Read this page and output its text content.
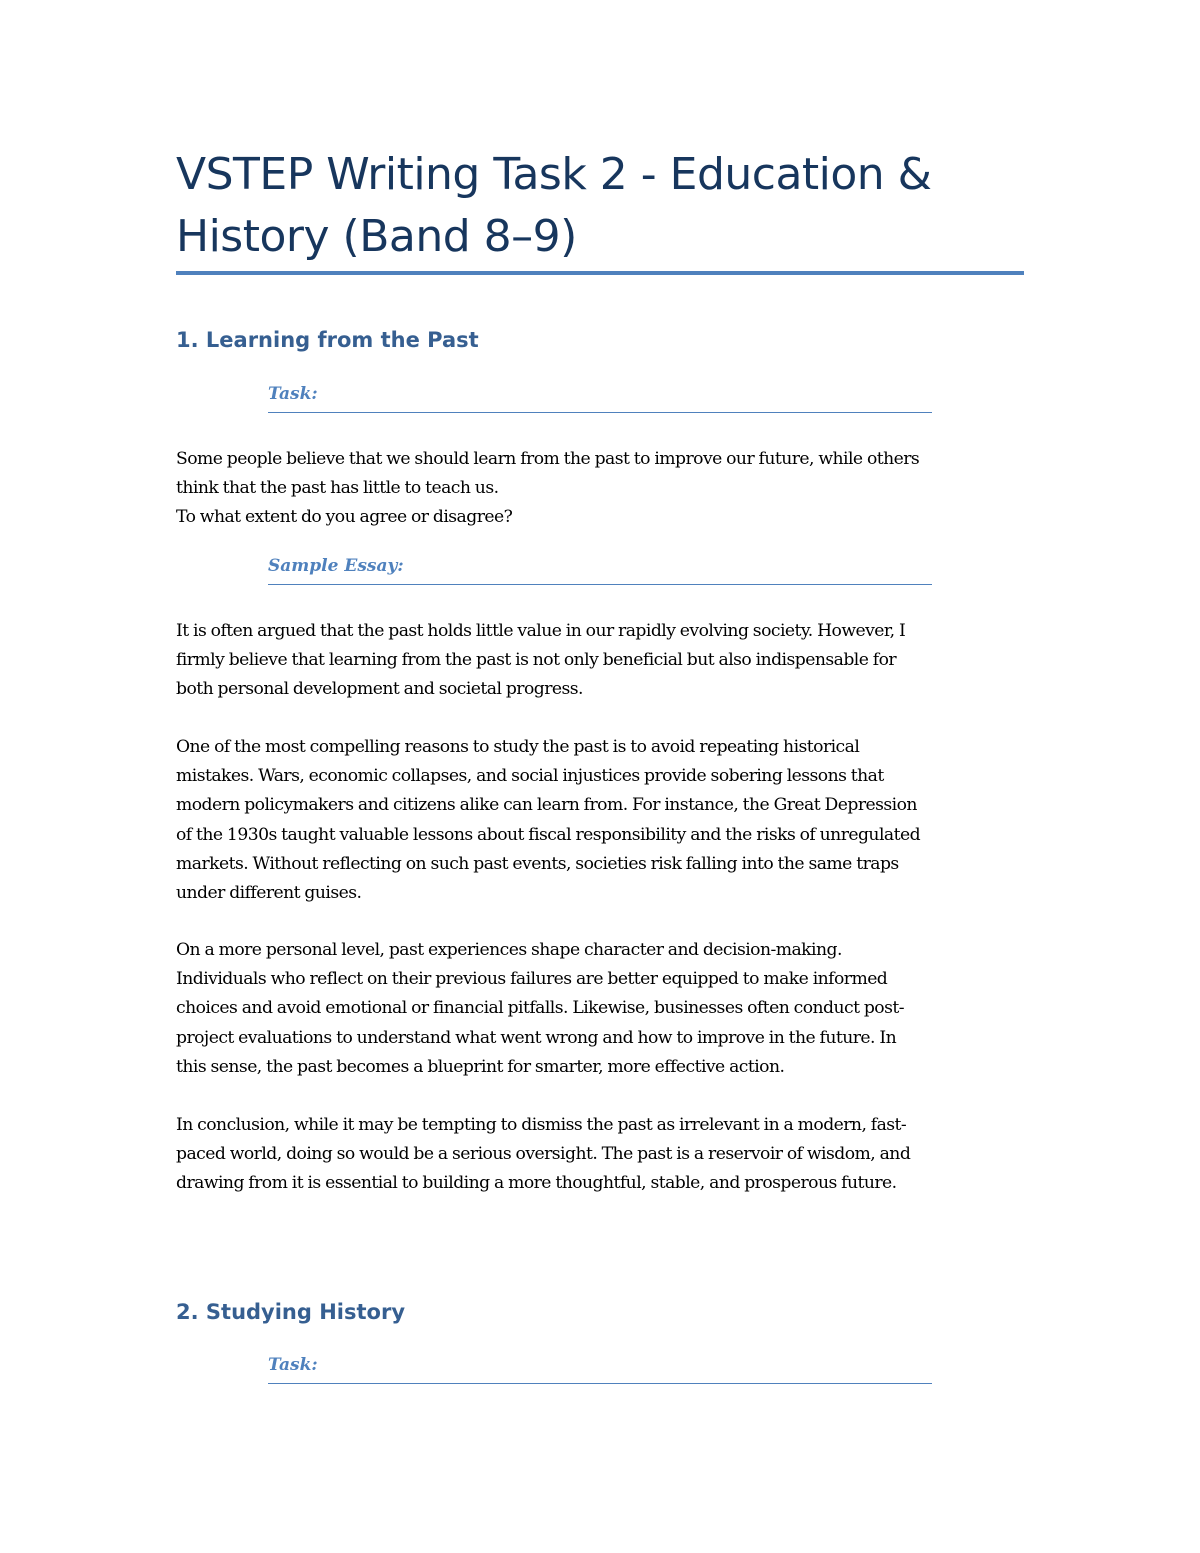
VSTEP Writing Task 2 - Education &
History (Band 8–9)
1. Learning from the Past
Task:

Some people believe that we should learn from the past to improve our future, while others
think that the past has little to teach us.
To what extent do you agree or disagree?

Sample Essay:

It is often argued that the past holds little value in our rapidly evolving society. However, I
firmly believe that learning from the past is not only beneficial but also indispensable for
both personal development and societal progress.

One of the most compelling reasons to study the past is to avoid repeating historical
mistakes. Wars, economic collapses, and social injustices provide sobering lessons that
modern policymakers and citizens alike can learn from. For instance, the Great Depression
of the 1930s taught valuable lessons about fiscal responsibility and the risks of unregulated
markets. Without reflecting on such past events, societies risk falling into the same traps
under different guises.

On a more personal level, past experiences shape character and decision-making.
Individuals who reflect on their previous failures are better equipped to make informed
choices and avoid emotional or financial pitfalls. Likewise, businesses often conduct post-
project evaluations to understand what went wrong and how to improve in the future. In
this sense, the past becomes a blueprint for smarter, more effective action.

In conclusion, while it may be tempting to dismiss the past as irrelevant in a modern, fast-
paced world, doing so would be a serious oversight. The past is a reservoir of wisdom, and
drawing from it is essential to building a more thoughtful, stable, and prosperous future.

2. Studying History
Task:
